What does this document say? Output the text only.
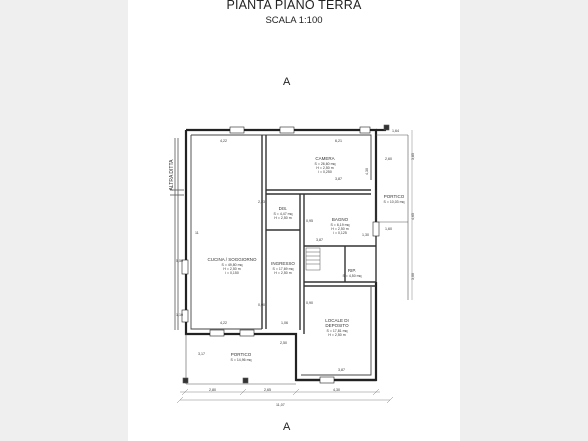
PIANTA PIANO TERRA
SCALA 1:100
A
A
ALTRA DITTA
CAMERA
S = 26,60 mq
H = 2,50 m
i = 0,250
PORTICO
S = 10,03 mq
DIS.
S = 4,47 mq
H = 2,50 m	BAGNO
S = 6,19 mq
H = 2,50 m
i = 0,125
CUCINA / SOGGIORNO
S = 49,80 mq
H = 2,50 m
i = 0,150
INGRESSO
S = 17,69 mq
H = 2,50 m	RIP.
S = 4,50 mq
LOCALE DI
DEPOSITO
S = 17,81 mq
H = 2,50 m
PORTICO
S = 14,96 mq
4,22	6,21
1,64
3,87
2,23
3,87
4,22	1,06
3,87
11
2,80	2,65	4,30
11,07
2,60
1,60
0,95
0,90
1,30
5,50
1,10
0,90
3,17
2,50
3,85
4,65
3,00
4,30
